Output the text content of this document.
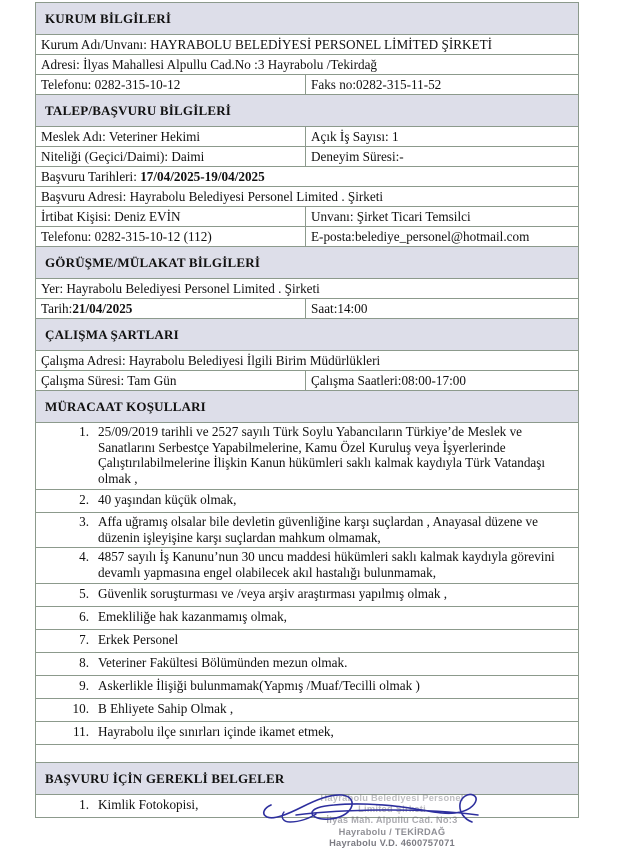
KURUM BİLGİLERİ	
Kurum Adı/Unvanı: HAYRABOLU BELEDİYESİ PERSONEL LİMİTED ŞİRKETİ	
Adresi: İlyas Mahallesi Alpullu Cad.No :3 Hayrabolu /Tekirdağ	
Telefonu: 0282-315-10-12	Faks no:0282-315-11-52
TALEP/BAŞVURU BİLGİLERİ	
Meslek Adı: Veteriner Hekimi	Açık İş Sayısı: 1
Niteliği (Geçici/Daimi): Daimi	Deneyim Süresi:-
Başvuru Tarihleri: 17/04/2025-19/04/2025	
Başvuru Adresi: Hayrabolu Belediyesi Personel Limited . Şirketi	
İrtibat Kişisi: Deniz EVİN	Unvanı: Şirket Ticari Temsilci
Telefonu: 0282-315-10-12 (112)	E-posta:belediye_personel@hotmail.com
GÖRÜŞME/MÜLAKAT BİLGİLERİ	
Yer: Hayrabolu Belediyesi Personel Limited . Şirketi	
Tarih:21/04/2025	Saat:14:00
ÇALIŞMA ŞARTLARI	
Çalışma Adresi: Hayrabolu Belediyesi İlgili Birim Müdürlükleri	
Çalışma Süresi: Tam Gün	Çalışma Saatleri:08:00-17:00
MÜRACAAT KOŞULLARI	

1. 25/09/2019 tarihli ve 2527 sayılı Türk Soylu Yabancıların Türkiye’de Meslek ve Sanatlarını Serbestçe Yapabilmelerine, Kamu Özel Kuruluş veya İşyerlerinde Çalıştırılabilmelerine İlişkin Kanun hükümleri saklı kalmak kaydıyla Türk Vatandaşı olmak ,	

2. 40 yaşından küçük olmak,	

3. Affa uğramış olsalar bile devletin güvenliğine karşı suçlardan , Anayasal düzene ve düzenin işleyişine karşı suçlardan mahkum olmamak,	

4. 4857 sayılı İş Kanunu’nun 30 uncu maddesi hükümleri saklı kalmak kaydıyla görevini devamlı yapmasına engel olabilecek akıl hastalığı bulunmamak,	

5. Güvenlik soruşturması ve /veya arşiv araştırması yapılmış olmak ,	

6. Emekliliğe hak kazanmamış olmak,	

7. Erkek Personel	

8. Veteriner Fakültesi Bölümünden mezun olmak.	

9. Askerlikle İlişiği bulunmamak(Yapmış /Muaf/Tecilli olmak )	

10. B Ehliyete Sahip Olmak ,	

11. Hayrabolu ilçe sınırları içinde ikamet etmek,	

BAŞVURU İÇİN GEREKLİ BELGELER	

1. Kimlik Fotokopisi,		Hayrabolu Belediyesi Personel
Limited Şirketi
İlyas Mah. Alpullu Cad. No:3
Hayrabolu / TEKİRDAĞ
Hayrabolu V.D. 4600757071
